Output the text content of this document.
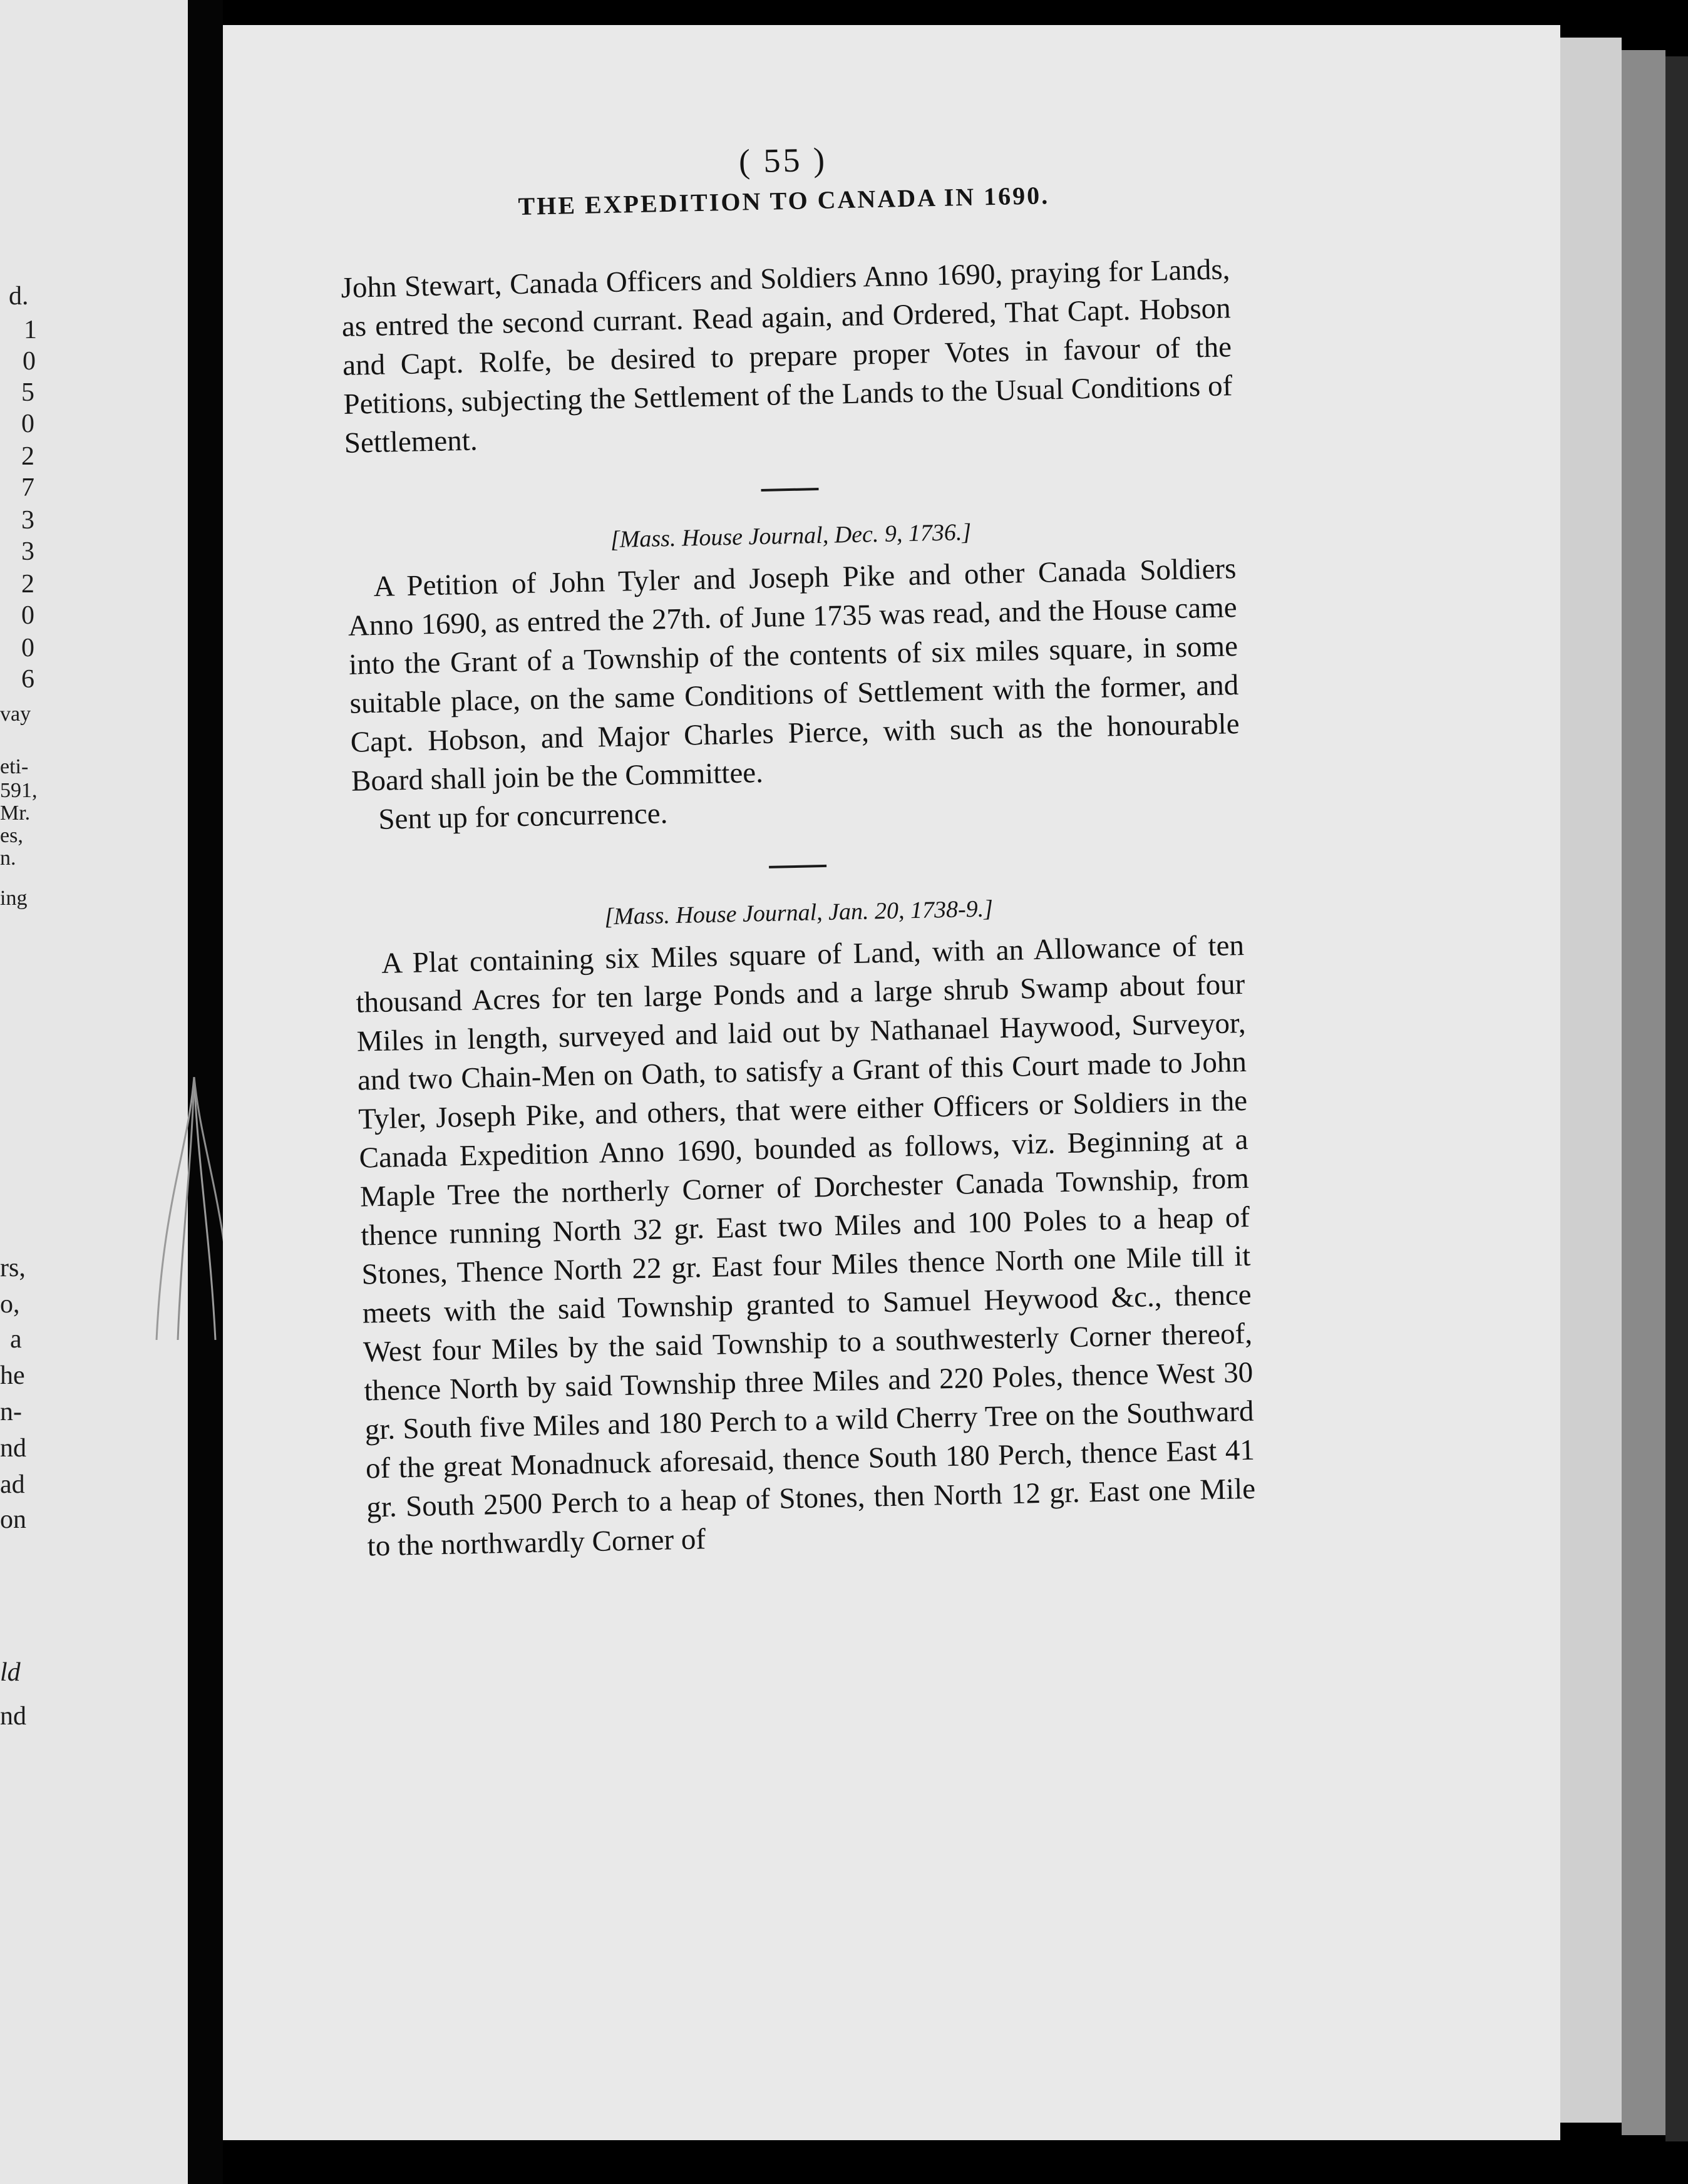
d.
1
0
5
0
2
7
3
3
2
0
0
6
vay
eti-
591,
Mr.
es,
n.
ing
rs,
o,
a
he
n-
nd
ad
on
ld
nd
( 55 )
THE EXPEDITION TO CANADA IN 1690.

John Stewart, Canada Officers and Soldiers Anno 1690, praying for Lands, as entred the second currant. Read again, and Ordered, That Capt. Hobson and Capt. Rolfe, be desired to prepare proper Votes in favour of the Petitions, subjecting the Settlement of the Lands to the Usual Conditions of Settlement.

[Mass. House Journal, Dec. 9, 1736.]

A Petition of John Tyler and Joseph Pike and other Canada Soldiers Anno 1690, as entred the 27th. of June 1735 was read, and the House came into the Grant of a Township of the contents of six miles square, in some suitable place, on the same Conditions of Settlement with the former, and Capt. Hobson, and Major Charles Pierce, with such as the honourable Board shall join be the Committee.

Sent up for concurrence.

[Mass. House Journal, Jan. 20, 1738-9.]

A Plat containing six Miles square of Land, with an Allowance of ten thousand Acres for ten large Ponds and a large shrub Swamp about four Miles in length, surveyed and laid out by Nathanael Haywood, Surveyor, and two Chain-Men on Oath, to satisfy a Grant of this Court made to John Tyler, Joseph Pike, and others, that were either Officers or Soldiers in the Canada Expedition Anno 1690, bounded as follows, viz. Beginning at a Maple Tree the northerly Corner of Dorchester Canada Township, from thence running North 32 gr. East two Miles and 100 Poles to a heap of Stones, Thence North 22 gr. East four Miles thence North one Mile till it meets with the said Township granted to Samuel Heywood &c., thence West four Miles by the said Township to a southwesterly Corner thereof, thence North by said Township three Miles and 220 Poles, thence West 30 gr. South five Miles and 180 Perch to a wild Cherry Tree on the Southward of the great Monadnuck aforesaid, thence South 180 Perch, thence East 41 gr. South 2500 Perch to a heap of Stones, then North 12 gr. East one Mile to the northwardly Corner of
